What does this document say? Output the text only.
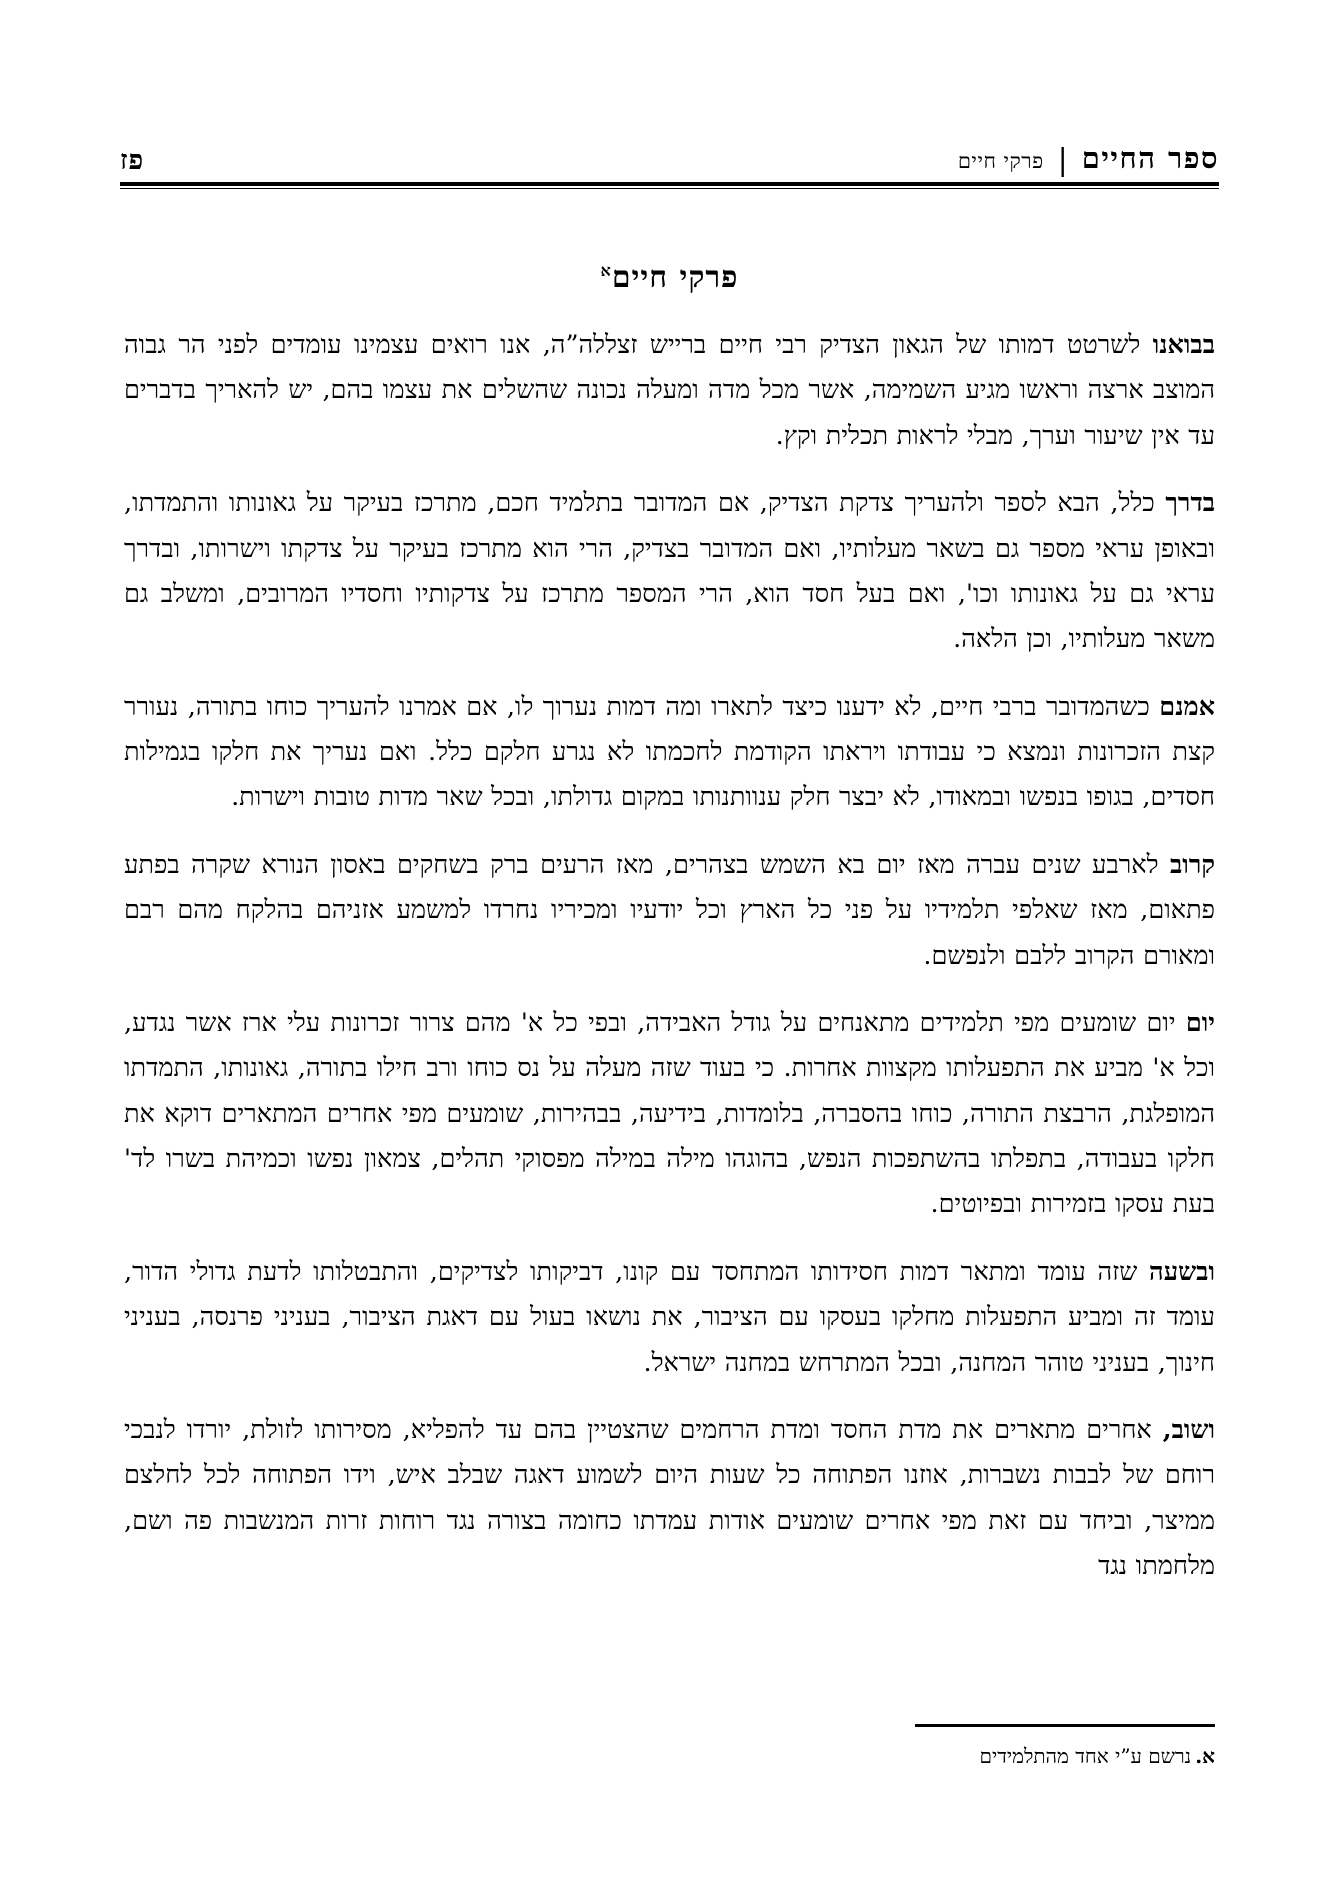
ספר החיים
|
פרקי חיים
פז
פרקי חיים$^א$

בבואנו לשרטט דמותו של הגאון הצדיק רבי חיים ברייש זצללה”ה, אנו רואים עצמינו עומדים לפני הר גבוה המוצב ארצה וראשו מגיע השמימה, אשר מכל מדה ומעלה נכונה שהשלים את עצמו בהם, יש להאריך בדברים עד אין שיעור וערך, מבלי לראות תכלית וקץ.

בדרך כלל, הבא לספר ולהעריך צדקת הצדיק, אם המדובר בתלמיד חכם, מתרכז בעיקר על גאונותו והתמדתו, ובאופן עראי מספר גם בשאר מעלותיו, ואם המדובר בצדיק, הרי הוא מתרכז בעיקר על צדקתו וישרותו, ובדרך עראי גם על גאונותו וכו', ואם בעל חסד הוא, הרי המספר מתרכז על צדקותיו וחסדיו המרובים, ומשלב גם משאר מעלותיו, וכן הלאה.

אמנם כשהמדובר ברבי חיים, לא ידענו כיצד לתארו ומה דמות נערוך לו, אם אמרנו להעריך כוחו בתורה, נעורר קצת הזכרונות ונמצא כי עבודתו ויראתו הקודמת לחכמתו לא נגרע חלקם כלל. ואם נעריך את חלקו בגמילות חסדים, בגופו בנפשו ובמאודו, לא יבצר חלק ענוותנותו במקום גדולתו, ובכל שאר מדות טובות וישרות.

קרוב לארבע שנים עברה מאז יום בא השמש בצהרים, מאז הרעים ברק בשחקים באסון הנורא שקרה בפתע פתאום, מאז שאלפי תלמידיו על פני כל הארץ וכל יודעיו ומכיריו נחרדו למשמע אזניהם בהלקח מהם רבם ומאורם הקרוב ללבם ולנפשם.

יום יום שומעים מפי תלמידים מתאנחים על גודל האבידה, ובפי כל א' מהם צרור זכרונות עלי ארז אשר נגדע, וכל א' מביע את התפעלותו מקצוות אחרות. כי בעוד שזה מעלה על נס כוחו ורב חילו בתורה, גאונותו, התמדתו המופלגת, הרבצת התורה, כוחו בהסברה, בלומדות, בידיעה, בבהירות, שומעים מפי אחרים המתארים דוקא את חלקו בעבודה, בתפלתו בהשתפכות הנפש, בהוגהו מילה במילה מפסוקי תהלים, צמאון נפשו וכמיהת בשרו לד' בעת עסקו בזמירות ובפיוטים.

ובשעה שזה עומד ומתאר דמות חסידותו המתחסד עם קונו, דביקותו לצדיקים, והתבטלותו לדעת גדולי הדור, עומד זה ומביע התפעלות מחלקו בעסקו עם הציבור, את נושאו בעול עם דאגת הציבור, בעניני פרנסה, בעניני חינוך, בעניני טוהר המחנה, ובכל המתרחש במחנה ישראל.

ושוב, אחרים מתארים את מדת החסד ומדת הרחמים שהצטיין בהם עד להפליא, מסירותו לזולת, יורדו לנבכי רוחם של לבבות נשברות, אוזנו הפתוחה כל שעות היום לשמוע דאגה שבלב איש, וידו הפתוחה לכל לחלצם ממיצר, וביחד עם זאת מפי אחרים שומעים אודות עמדתו כחומה בצורה נגד רוחות זרות המנשבות פה ושם, מלחמתו נגד

א.נרשם ע”י אחד מהתלמידים
